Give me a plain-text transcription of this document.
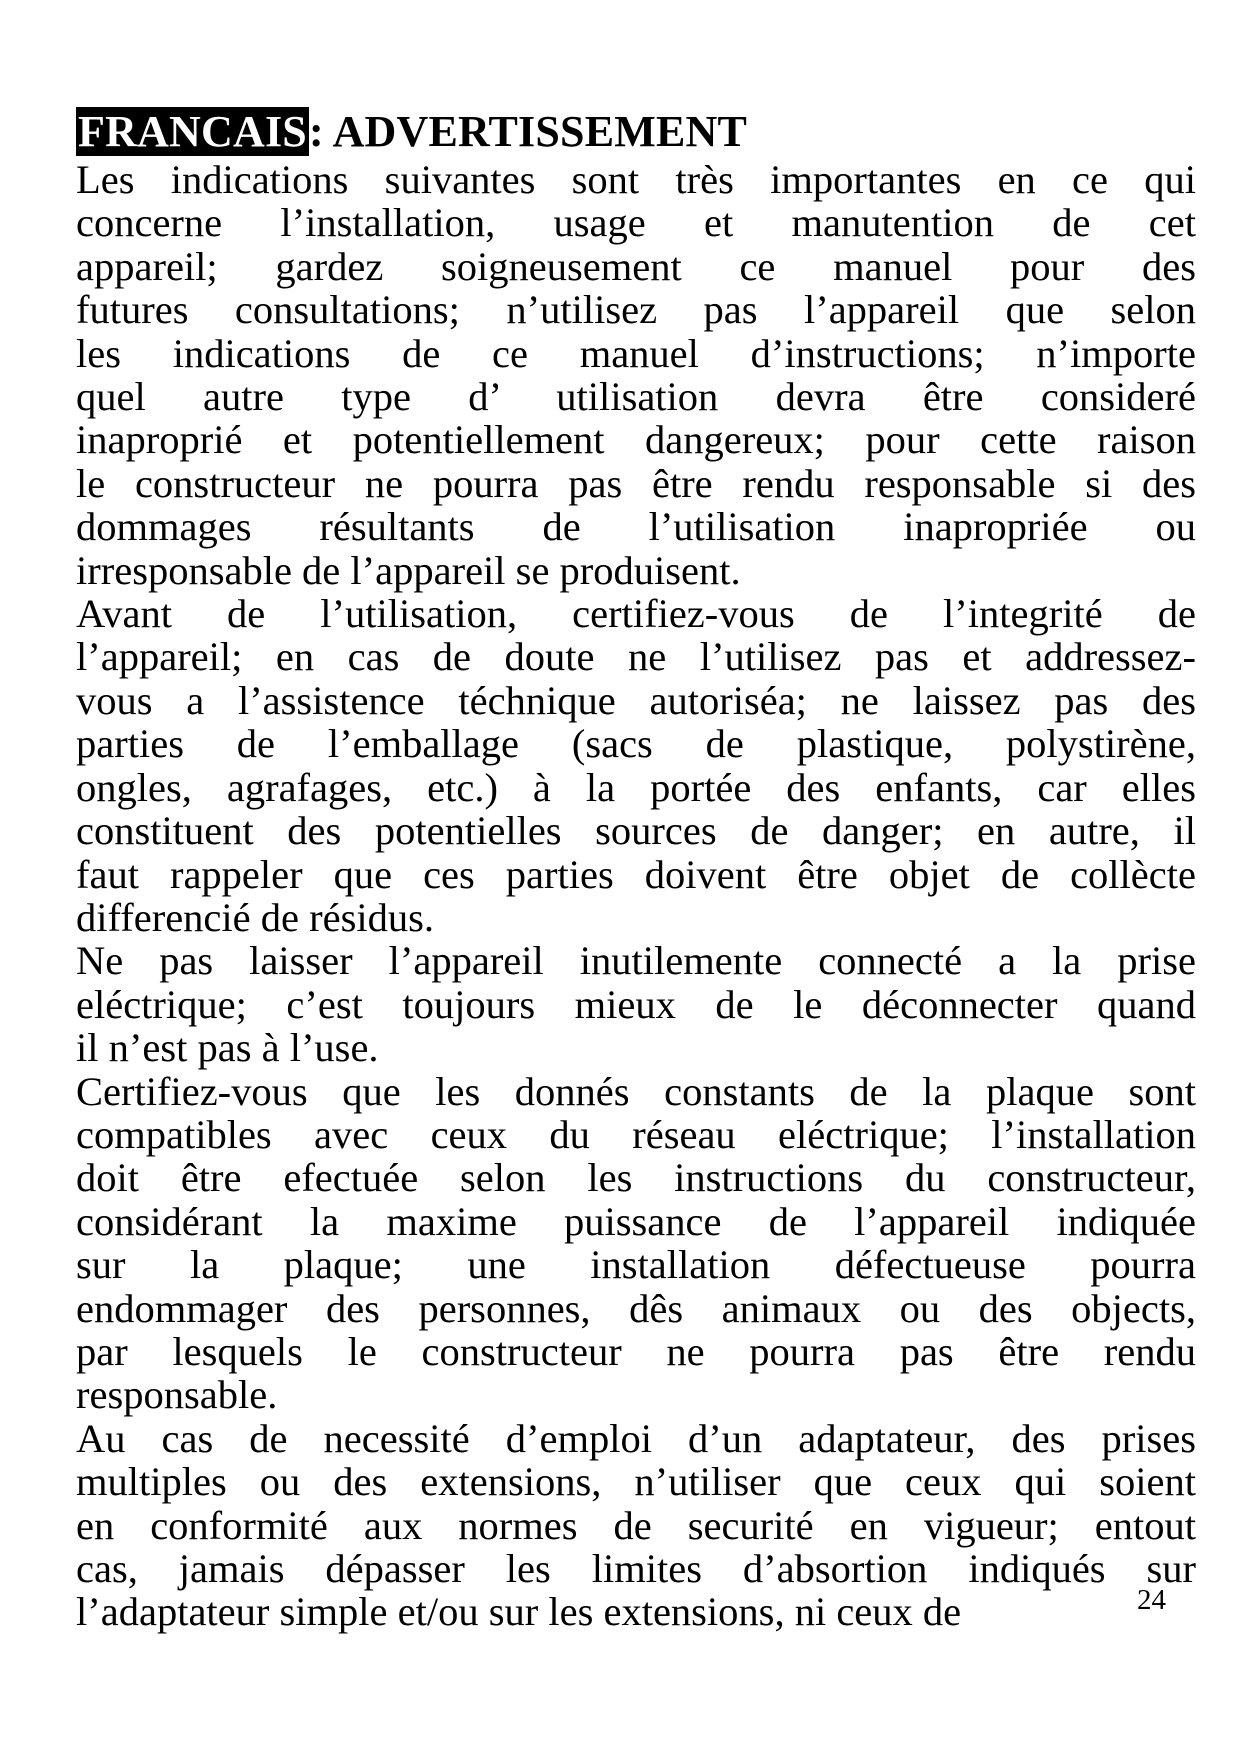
FRANCAIS: ADVERTISSEMENT

Les indications suivantes sont très importantes en ce qui
concerne l’installation, usage et manutention de cet
appareil; gardez soigneusement ce manuel pour des
futures consultations; n’utilisez pas l’appareil que selon
les indications de ce manuel d’instructions; n’importe
quel autre type d’ utilisation devra être consideré
inaproprié et potentiellement dangereux; pour cette raison
le constructeur ne pourra pas être rendu responsable si des
dommages résultants de l’utilisation inapropriée ou
irresponsable de l’appareil se produisent.

Avant de l’utilisation, certifiez-vous de l’integrité de
l’appareil; en cas de doute ne l’utilisez pas et addressez-
vous a l’assistence téchnique autoriséa; ne laissez pas des
parties de l’emballage (sacs de plastique, polystirène,
ongles, agrafages, etc.) à la portée des enfants, car elles
constituent des potentielles sources de danger; en autre, il
faut rappeler que ces parties doivent être objet de collècte
differencié de résidus.

Ne pas laisser l’appareil inutilemente connecté a la prise
eléctrique; c’est toujours mieux de le déconnecter quand
il n’est pas à l’use.

Certifiez-vous que les donnés constants de la plaque sont
compatibles avec ceux du réseau eléctrique; l’installation
doit être efectuée selon les instructions du constructeur,
considérant la maxime puissance de l’appareil indiquée
sur la plaque; une installation défectueuse pourra
endommager des personnes, dês animaux ou des objects,
par lesquels le constructeur ne pourra pas être rendu
responsable.

Au cas de necessité d’emploi d’un adaptateur, des prises
multiples ou des extensions, n’utiliser que ceux qui soient
en conformité aux normes de securité en vigueur; entout
cas, jamais dépasser les limites d’absortion indiqués sur
l’adaptateur simple et/ou sur les extensions, ni ceux de	24
